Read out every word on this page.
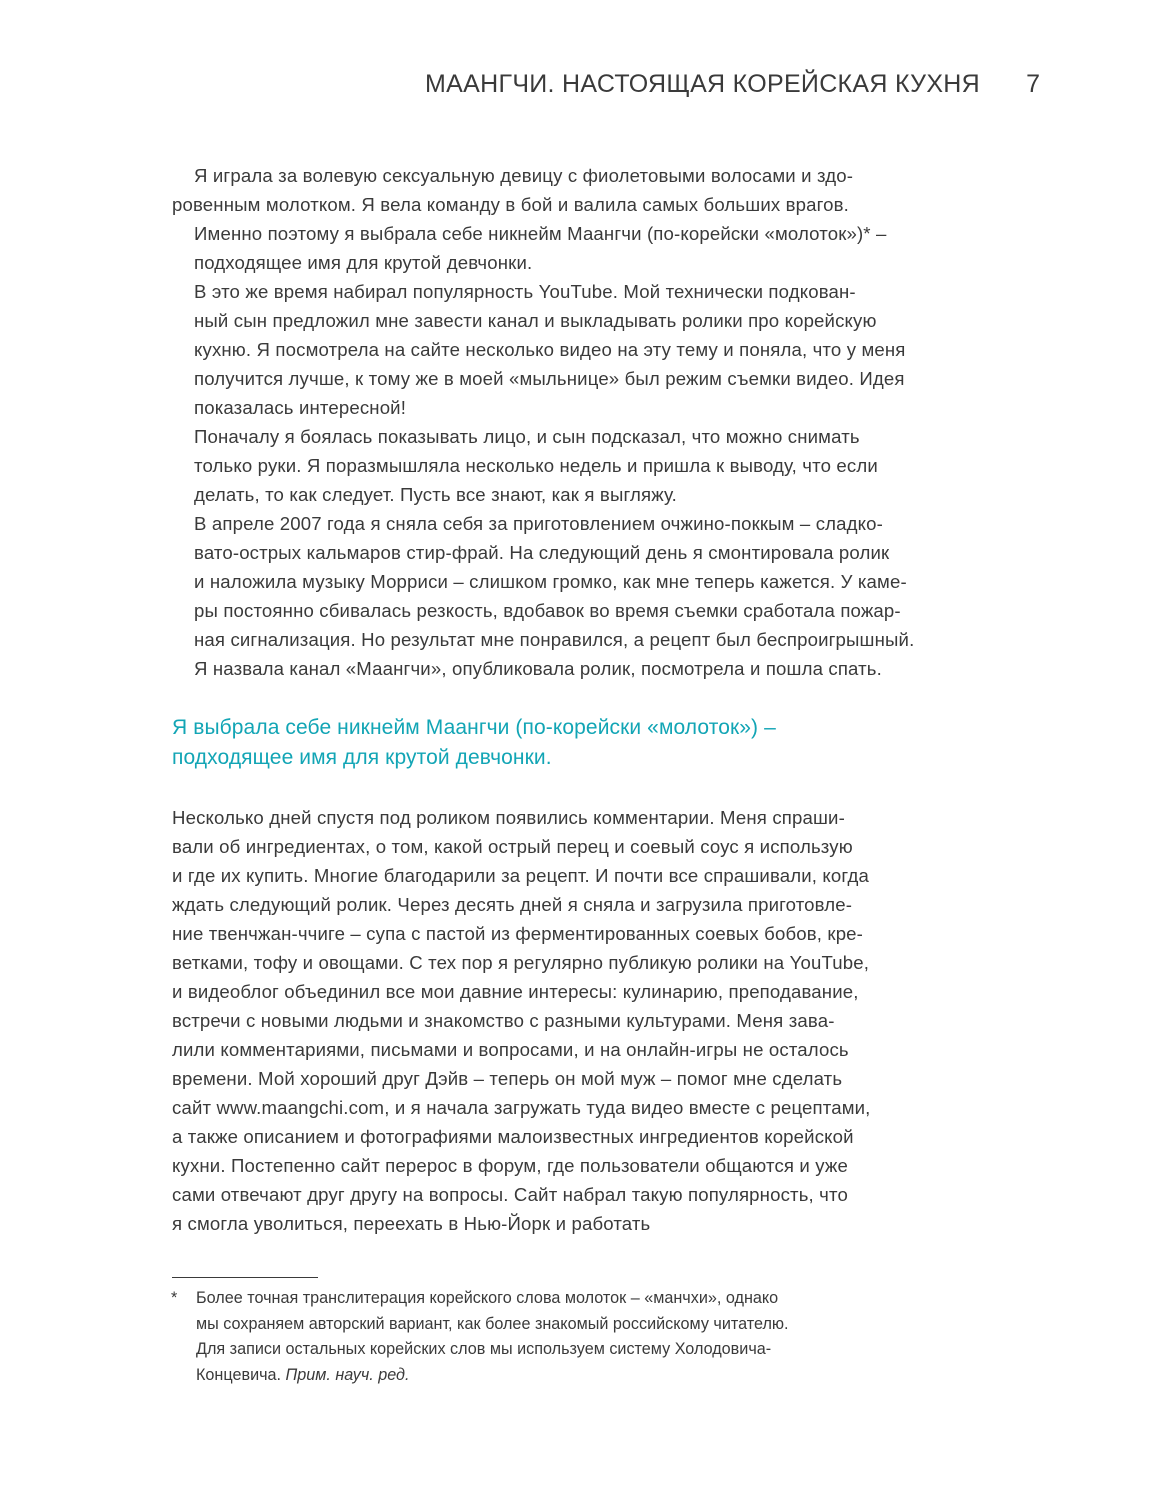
МААНГЧИ. НАСТОЯЩАЯ КОРЕЙСКАЯ КУХНЯ 7

Я играла за волевую сексуальную девицу с фиолетовыми волосами и здо-
ровенным молотком. Я вела команду в бой и валила самых больших врагов.
Именно поэтому я выбрала себе никнейм Маангчи (по-корейски «молоток»)* –
подходящее имя для крутой девчонки.

В это же время набирал популярность YouTube. Мой технически подкован-
ный сын предложил мне завести канал и выкладывать ролики про корейскую
кухню. Я посмотрела на сайте несколько видео на эту тему и поняла, что у меня
получится лучше, к тому же в моей «мыльнице» был режим съемки видео. Идея
показалась интересной!

Поначалу я боялась показывать лицо, и сын подсказал, что можно снимать
только руки. Я поразмышляла несколько недель и пришла к выводу, что если
делать, то как следует. Пусть все знают, как я выгляжу.

В апреле 2007 года я сняла себя за приготовлением очжино-поккым – сладко-
вато-острых кальмаров стир-фрай. На следующий день я смонтировала ролик
и наложила музыку Морриси – слишком громко, как мне теперь кажется. У каме-
ры постоянно сбивалась резкость, вдобавок во время съемки сработала пожар-
ная сигнализация. Но результат мне понравился, а рецепт был беспроигрышный.
Я назвала канал «Маангчи», опубликовала ролик, посмотрела и пошла спать.

Я выбрала себе никнейм Маангчи (по-корейски «молоток») –
подходящее имя для крутой девчонки.

Несколько дней спустя под роликом появились комментарии. Меня спраши-
вали об ингредиентах, о том, какой острый перец и соевый соус я использую
и где их купить. Многие благодарили за рецепт. И почти все спрашивали, когда
ждать следующий ролик. Через десять дней я сняла и загрузила приготовле-
ние твенчжан-ччиге – супа с пастой из ферментированных соевых бобов, кре-
ветками, тофу и овощами. С тех пор я регулярно публикую ролики на YouTube,
и видеоблог объединил все мои давние интересы: кулинарию, преподавание,
встречи с новыми людьми и знакомство с разными культурами. Меня зава-
лили комментариями, письмами и вопросами, и на онлайн-игры не осталось
времени. Мой хороший друг Дэйв – теперь он мой муж – помог мне сделать
сайт www.maangchi.com, и я начала загружать туда видео вместе с рецептами,
а также описанием и фотографиями малоизвестных ингредиентов корейской
кухни. Постепенно сайт перерос в форум, где пользователи общаются и уже
сами отвечают друг другу на вопросы. Сайт набрал такую популярность, что
я смогла уволиться, переехать в Нью-Йорк и работать

* Более точная транслитерация корейского слова молоток – «манчхи», однако
мы сохраняем авторский вариант, как более знакомый российскому читателю.
Для записи остальных корейских слов мы используем систему Холодовича-
Концевича. Прим. науч. ред.
